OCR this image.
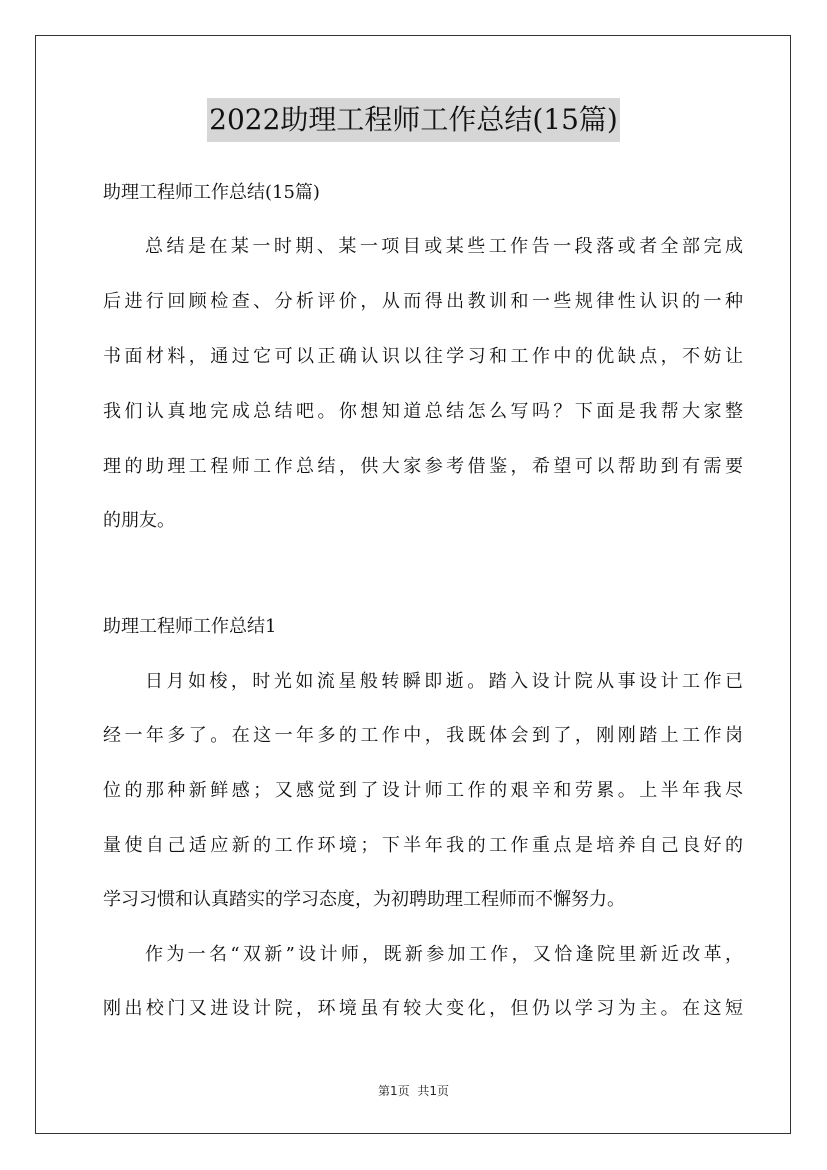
2022助理工程师工作总结(15篇)
助理工程师工作总结(15篇)
总结是在某一时期、某一项目或某些工作告一段落或者全部完成
后进行回顾检查、分析评价，从而得出教训和一些规律性认识的一种
书面材料，通过它可以正确认识以往学习和工作中的优缺点，不妨让
我们认真地完成总结吧。你想知道总结怎么写吗？下面是我帮大家整
理的助理工程师工作总结，供大家参考借鉴，希望可以帮助到有需要
的朋友。
助理工程师工作总结1
日月如梭，时光如流星般转瞬即逝。踏入设计院从事设计工作已
经一年多了。在这一年多的工作中，我既体会到了，刚刚踏上工作岗
位的那种新鲜感；又感觉到了设计师工作的艰辛和劳累。上半年我尽
量使自己适应新的工作环境；下半年我的工作重点是培养自己良好的
学习习惯和认真踏实的学习态度，为初聘助理工程师而不懈努力。
作为一名“双新”设计师，既新参加工作，又恰逢院里新近改革，
刚出校门又进设计院，环境虽有较大变化，但仍以学习为主。在这短
第1页 共1页
